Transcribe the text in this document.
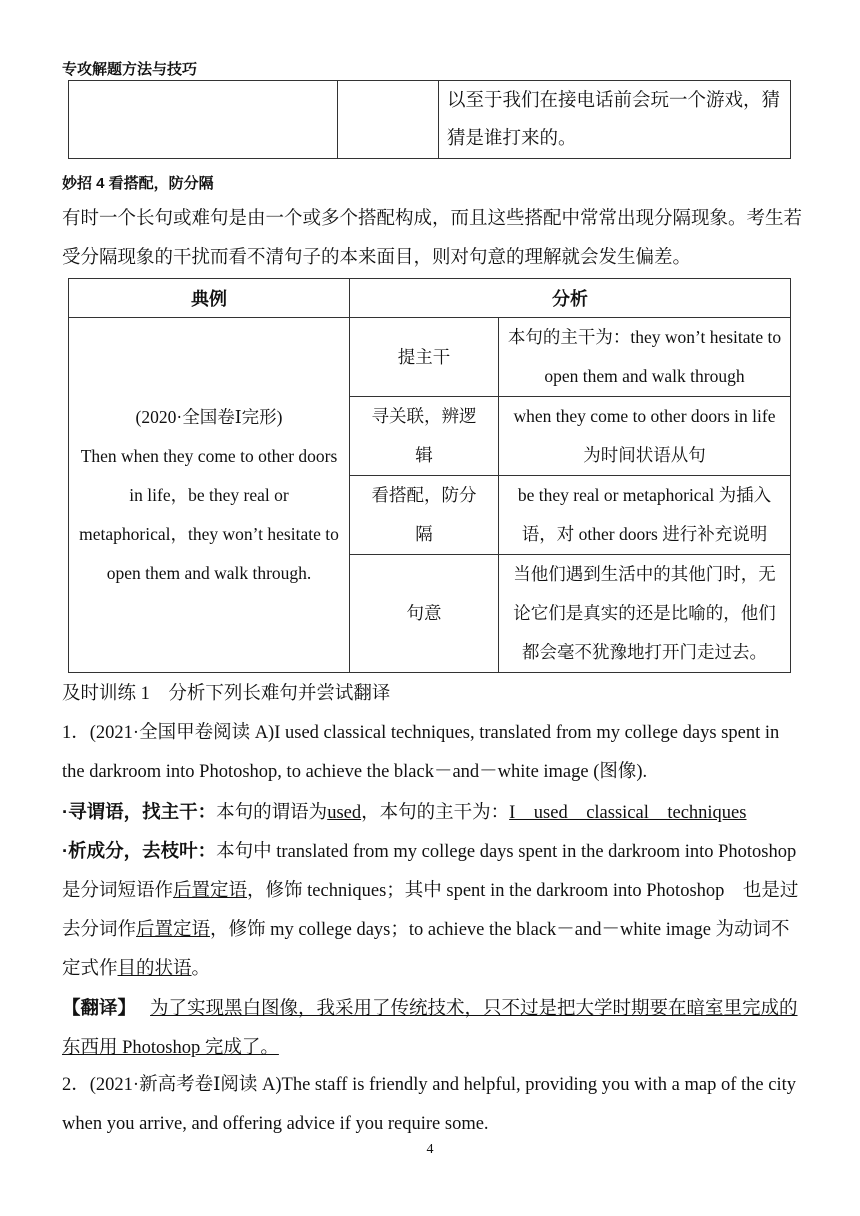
专攻解题方法与技巧
		以至于我们在接电话前会玩一个游戏，猜猜是谁打来的。
妙招 4 看搭配，防分隔
有时一个长句或难句是由一个或多个搭配构成，而且这些搭配中常常出现分隔现象。考生若受分隔现象的干扰而看不清句子的本来面目，则对句意的理解就会发生偏差。
典例	分析	

(2020·全国卷Ⅰ完形)
Then when they come to other doors in life，be they real or metaphorical，they won’t hesitate to open them and walk through.	提主干	本句的主干为：they won’t hesitate to open them and walk through
	寻关联，辨逻辑	when they come to other doors in life 为时间状语从句
	看搭配，防分隔	be they real or metaphorical 为插入语，对 other doors 进行补充说明
	句意	当他们遇到生活中的其他门时，无论它们是真实的还是比喻的，他们都会毫不犹豫地打开门走过去。
及时训练 1　分析下列长难句并尝试翻译
1．(2021·全国甲卷阅读 A)I used classical techniques, translated from my college days spent in the darkroom into Photoshop, to achieve the black－and－white image (图像).
·寻谓语，找主干：本句的谓语为used，本句的主干为：I　used　classical　techniques
·析成分，去枝叶：本句中 translated from my college days spent in the darkroom into Photoshop 是分词短语作后置定语，修饰 techniques；其中 spent in the darkroom into Photoshop　也是过去分词作后置定语，修饰 my college days；to achieve the black－and－white image 为动词不定式作目的状语。
【翻译】 为了实现黑白图像，我采用了传统技术，只不过是把大学时期要在暗室里完成的东西用 Photoshop 完成了。
2．(2021·新高考卷Ⅰ阅读 A)The staff is friendly and helpful, providing you with a map of the city when you arrive, and offering advice if you require some.
4
